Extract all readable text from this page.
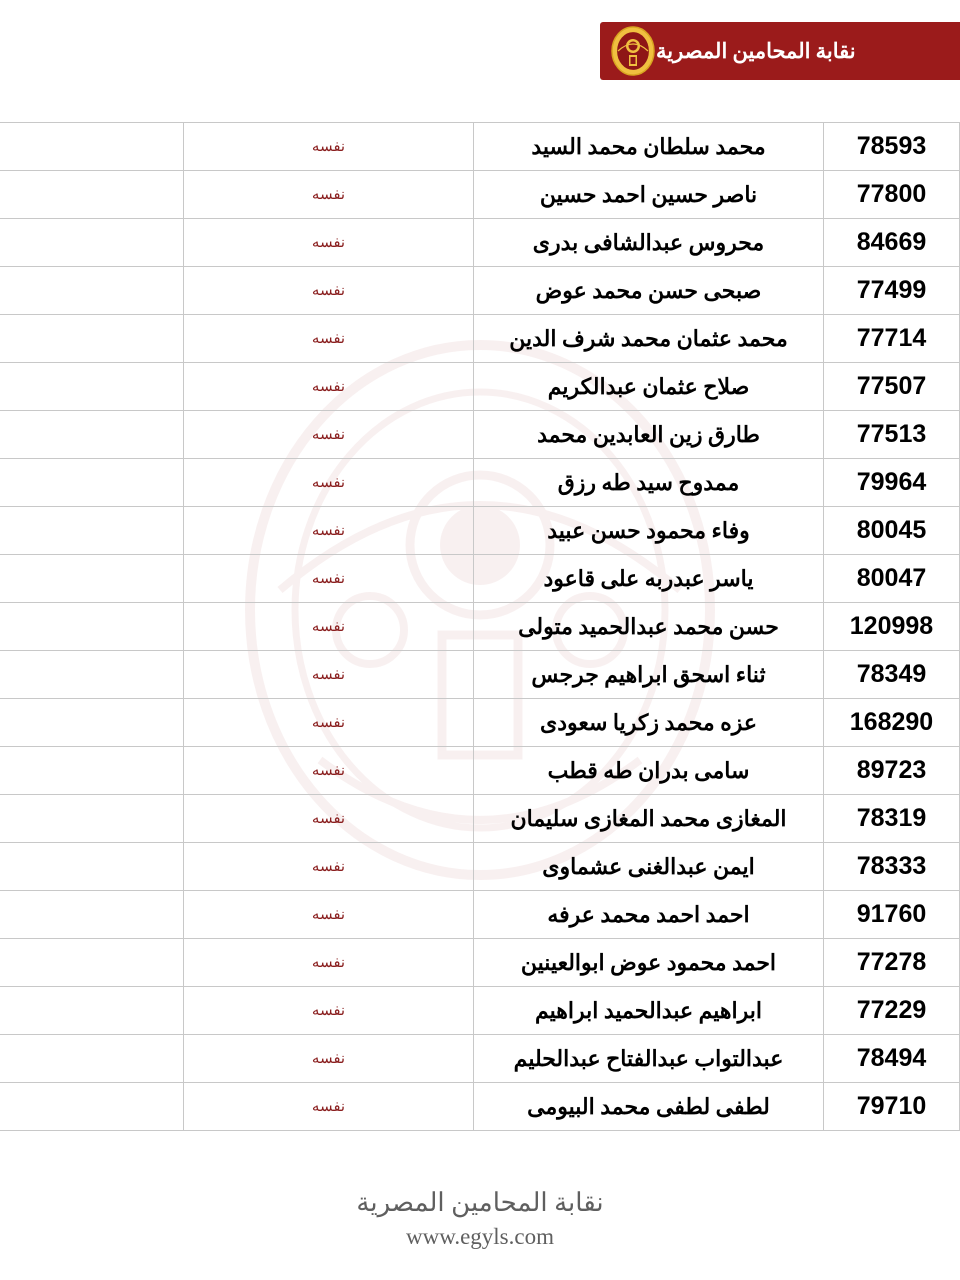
نقابة المحامين المصرية
78593	محمد سلطان محمد السيد	نفسه	
77800	ناصر حسين احمد حسين	نفسه	
84669	محروس عبدالشافى بدرى	نفسه	
77499	صبحى حسن محمد عوض	نفسه	
77714	محمد عثمان محمد شرف الدين	نفسه	
77507	صلاح عثمان عبدالكريم	نفسه	
77513	طارق زين العابدين محمد	نفسه	
79964	ممدوح سيد طه رزق	نفسه	
80045	وفاء محمود حسن عبيد	نفسه	
80047	ياسر عبدربه على قاعود	نفسه	
120998	حسن محمد عبدالحميد متولى	نفسه	
78349	ثناء اسحق ابراهيم جرجس	نفسه	
168290	عزه محمد زكريا سعودى	نفسه	
89723	سامى بدران طه قطب	نفسه	
78319	المغازى محمد المغازى سليمان	نفسه	
78333	ايمن عبدالغنى عشماوى	نفسه	
91760	احمد احمد محمد عرفه	نفسه	
77278	احمد محمود عوض ابوالعينين	نفسه	
77229	ابراهيم عبدالحميد ابراهيم	نفسه	
78494	عبدالتواب عبدالفتاح عبدالحليم	نفسه	
79710	لطفى لطفى محمد البيومى	نفسه	
نقابة المحامين المصرية
www.egyls.com
